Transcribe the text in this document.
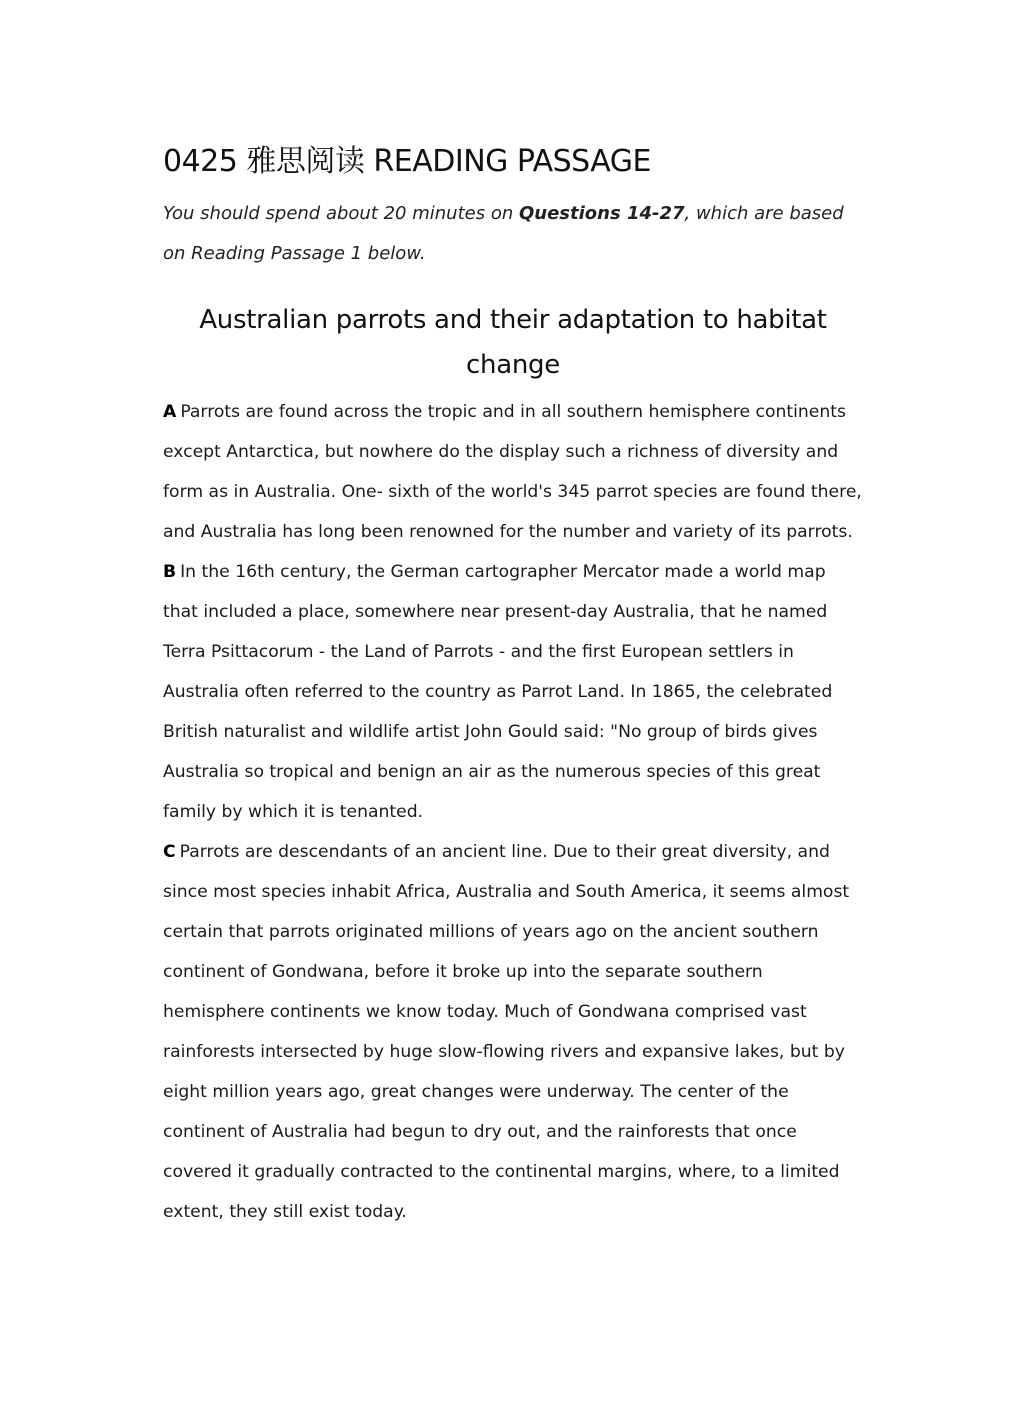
0425 雅思阅读 READING PASSAGE

You should spend about 20 minutes on Questions 14-27, which are based on Reading Passage 1 below.

Australian parrots and their adaptation to habitat change

A Parrots are found across the tropic and in all southern hemisphere continents except Antarctica, but nowhere do the display such a richness of diversity and form as in Australia. One- sixth of the world's 345 parrot species are found there, and Australia has long been renowned for the number and variety of its parrots.

B In the 16th century, the German cartographer Mercator made a world map that included a place, somewhere near present-day Australia, that he named Terra Psittacorum - the Land of Parrots - and the first European settlers in Australia often referred to the country as Parrot Land. In 1865, the celebrated British naturalist and wildlife artist John Gould said: "No group of birds gives Australia so tropical and benign an air as the numerous species of this great family by which it is tenanted.

C Parrots are descendants of an ancient line. Due to their great diversity, and since most species inhabit Africa, Australia and South America, it seems almost certain that parrots originated millions of years ago on the ancient southern continent of Gondwana, before it broke up into the separate southern hemisphere continents we know today. Much of Gondwana comprised vast rainforests intersected by huge slow-flowing rivers and expansive lakes, but by eight million years ago, great changes were underway. The center of the continent of Australia had begun to dry out, and the rainforests that once covered it gradually contracted to the continental margins, where, to a limited extent, they still exist today.
